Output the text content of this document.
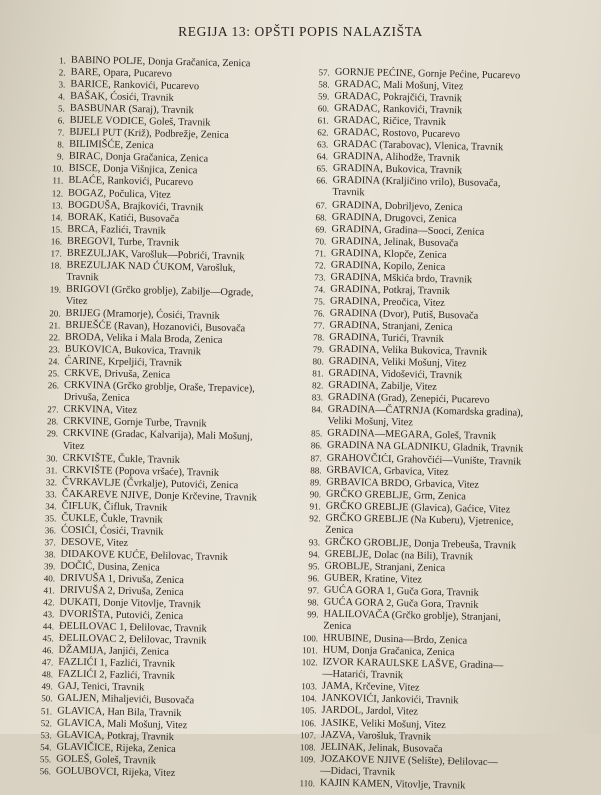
REGIJA 13: OPŠTI POPIS NALAZIŠTA
1. BABINO POLJE, Donja Gračanica, Zenica
2. BARE, Opara, Pucarevo
3. BARICE, Rankovići, Pucarevo
4. BAŠAK, Ćosići, Travnik
5. BASBUNAR (Saraj), Travnik
6. BIJELE VODICE, Goleš, Travnik
7. BIJELI PUT (Križ), Podbrežje, Zenica
8. BILIMIŠĆE, Zenica
9. BIRAC, Donja Gračanica, Zenica
10. BISCE, Donja Višnjica, Zenica
11. BLAĆE, Rankovići, Pucarevo
12. BOGAZ, Počulica, Vitez
13. BOGDUŠA, Brajkovići, Travnik
14. BORAK, Katići, Busovača
15. BRCA, Fazlići, Travnik
16. BREGOVI, Turbe, Travnik
17. BREZULJAK, Varošluk—Pobrići, Travnik
18. BREZULJAK NAD ĆUKOM, Varošluk,
Travnik
19. BRIGOVI (Grčko groblje), Zabilje—Ograde,
Vitez
20. BRIJEG (Mramorje), Ćosići, Travnik
21. BRIJEŠĆE (Ravan), Hozanovići, Busovača
22. BRODA, Velika i Mala Broda, Zenica
23. BUKOVICA, Bukovica, Travnik
24. ĆARINE, Krpeljići, Travnik
25. CRKVE, Drivuša, Zenica
26. CRKVINA (Grčko groblje, Oraše, Trepavice),
Drivuša, Zenica
27. CRKVINA, Vitez
28. CRKVINE, Gornje Turbe, Travnik
29. CRKVINE (Gradac, Kalvarija), Mali Mošunj,
Vitez
30. CRKVIŠTE, Čukle, Travnik
31. CRKVIŠTE (Popova vršaće), Travnik
32. ČVRKAVLJE (Čvrkalje), Putovići, Zenica
33. ČAKAREVE NJIVE, Donje Krčevine, Travnik
34. ČIFLUK, Čifluk, Travnik
35. ČUKLE, Čukle, Travnik
36. ĆOSIĆI, Ćosići, Travnik
37. DESOVE, Vitez
38. DIDAKOVE KUĆE, Đelilovac, Travnik
39. DOČIĆ, Dusina, Zenica
40. DRIVUŠA 1, Drivuša, Zenica
41. DRIVUŠA 2, Drivuša, Zenica
42. DUKATI, Donje Vitovlje, Travnik
43. DVORIŠTA, Putovići, Zenica
44. ĐELILOVAC 1, Đelilovac, Travnik
45. ĐELILOVAC 2, Đelilovac, Travnik
46. DŽAMIJA, Janjići, Zenica
47. FAZLIĆI 1, Fazlići, Travnik
48. FAZLIĆI 2, Fazlići, Travnik
49. GAJ, Tenici, Travnik
50. GALJEN, Mihaljevići, Busovača
51. GLAVICA, Han Bila, Travnik
52. GLAVICA, Mali Mošunj, Vitez
53. GLAVICA, Potkraj, Travnik
54. GLAVIČICE, Rijeka, Zenica
55. GOLEŠ, Goleš, Travnik
56. GOLUBOVCI, Rijeka, Vitez
57. GORNJE PEĆINE, Gornje Pećine, Pucarevo
58. GRADAC, Mali Mošunj, Vitez
59. GRADAC, Pokrajčići, Travnik
60. GRADAC, Rankovići, Travnik
61. GRADAC, Ričice, Travnik
62. GRADAC, Rostovo, Pucarevo
63. GRADAC (Tarabovac), Vlenica, Travnik
64. GRADINA, Alihodže, Travnik
65. GRADINA, Bukovica, Travnik
66. GRADINA (Kraljičino vrilo), Busovača,
Travnik
67. GRADINA, Dobriljevo, Zenica
68. GRADINA, Drugovci, Zenica
69. GRADINA, Gradina—Sooci, Zenica
70. GRADINA, Jelinak, Busovača
71. GRADINA, Klopče, Zenica
72. GRADINA, Kopilo, Zenica
73. GRADINA, Mškića brdo, Travnik
74. GRADINA, Potkraj, Travnik
75. GRADINA, Preočica, Vitez
76. GRADINA (Dvor), Putiš, Busovača
77. GRADINA, Stranjani, Zenica
78. GRADINA, Turići, Travnik
79. GRADINA, Velika Bukovica, Travnik
80. GRADINA, Veliki Mošunj, Vitez
81. GRADINA, Vidoševići, Travnik
82. GRADINA, Zabilje, Vitez
83. GRADINA (Grad), Zenepići, Pucarevo
84. GRADINA—ČATRNJA (Komardska gradina),
Veliki Mošunj, Vitez
85. GRADINA—MEGARA, Goleš, Travnik
86. GRADINA NA GLADNIKU, Gladnik, Travnik
87. GRAHOVČIĆI, Grahovčići—Vunište, Travnik
88. GRBAVICA, Grbavica, Vitez
89. GRBAVICA BRDO, Grbavica, Vitez
90. GRČKO GREBLJE, Grm, Zenica
91. GRČKO GREBLJE (Glavica), Gaćice, Vitez
92. GRČKO GREBLJE (Na Kuberu), Vjetrenice,
Zenica
93. GRČKO GROBLJE, Donja Trebeuša, Travnik
94. GREBLJE, Dolac (na Bili), Travnik
95. GROBLJE, Stranjani, Zenica
96. GUBER, Kratine, Vitez
97. GUĆA GORA 1, Guča Gora, Travnik
98. GUĆA GORA 2, Guča Gora, Travnik
99. HALILOVAČA (Grčko groblje), Stranjani,
Zenica
100. HRUBINE, Dusina—Brdo, Zenica
101. HUM, Donja Gračanica, Zenica
102. IZVOR KARAULSKE LAŠVE, Gradina—
—Hatarići, Travnik
103. JAMA, Krčevine, Vitez
104. JANKOVIĆI, Jankovići, Travnik
105. JARDOL, Jardol, Vitez
106. JASIKE, Veliki Mošunj, Vitez
107. JAZVA, Varošluk, Travnik
108. JELINAK, Jelinak, Busovača
109. JOZAKOVE NJIVE (Selište), Đelilovac—
—Didaci, Travnik
110. KAJIN KAMEN, Vitovlje, Travnik
